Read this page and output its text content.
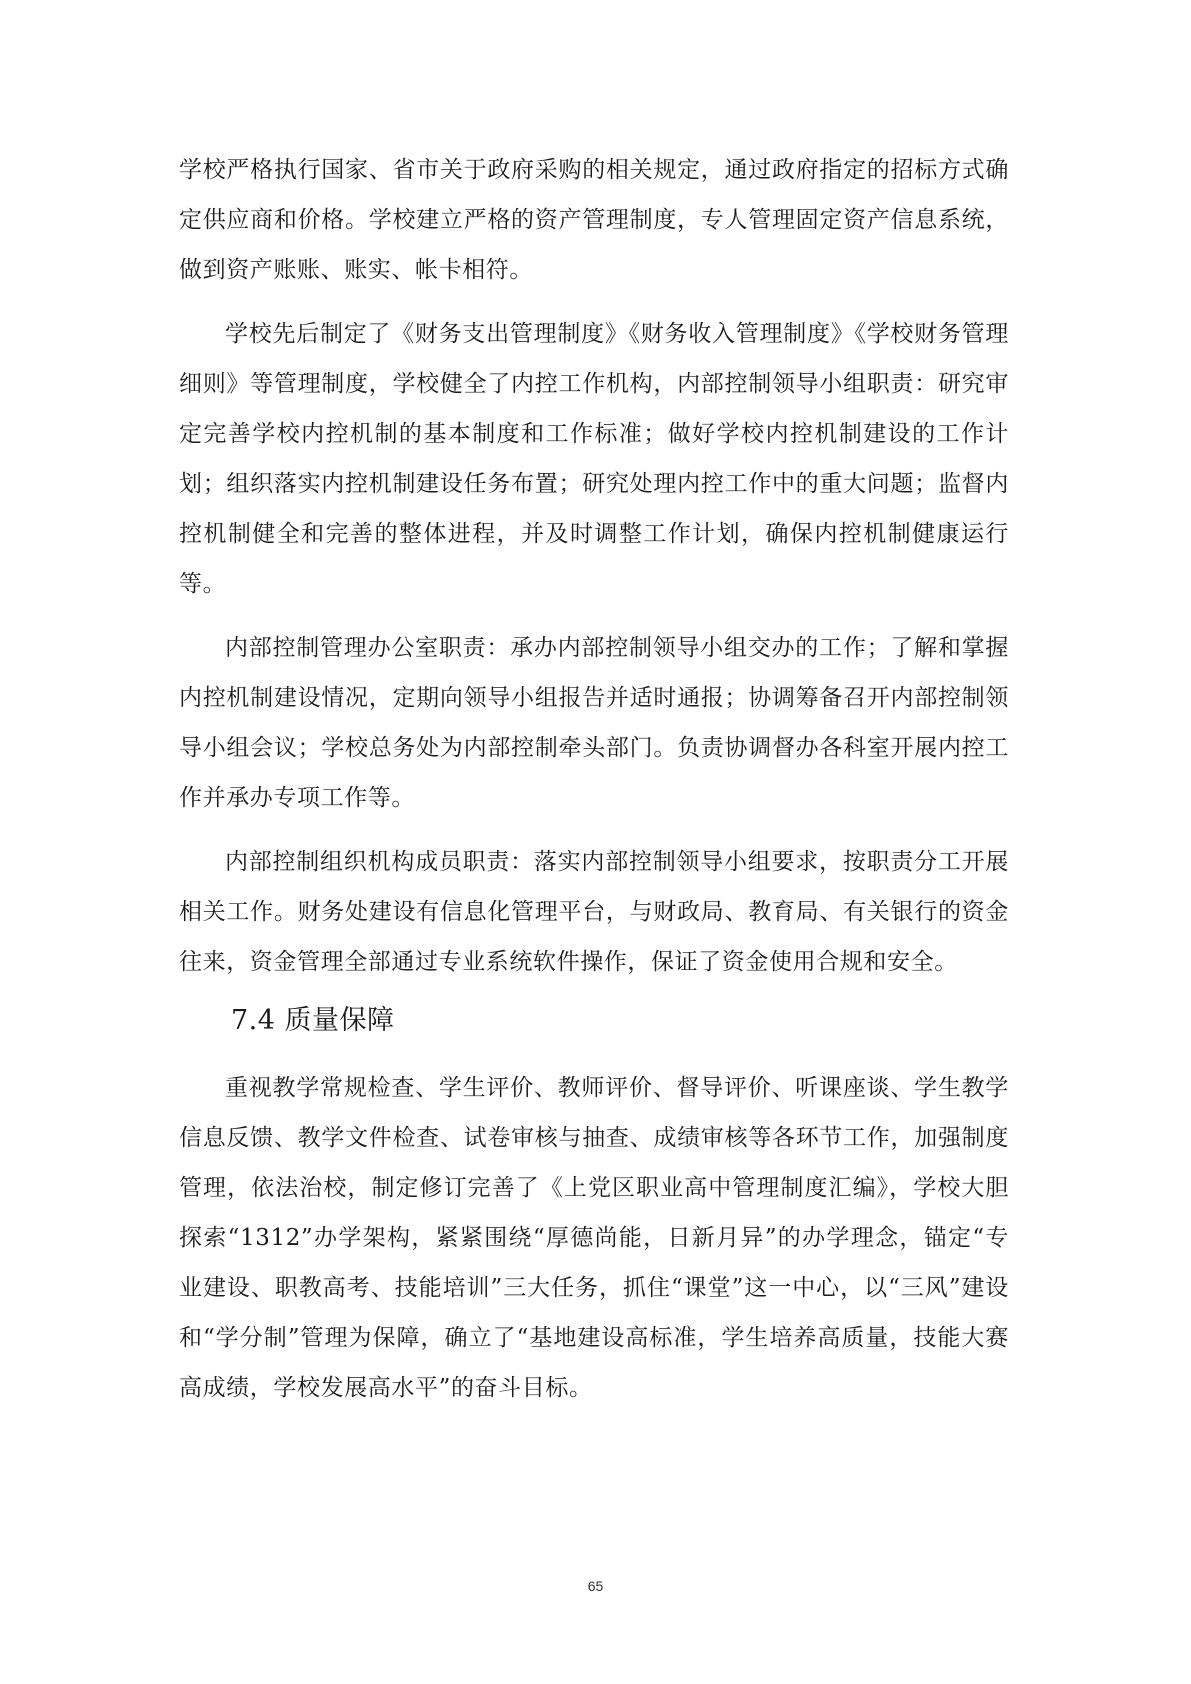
学校严格执行国家、省市关于政府采购的相关规定，通过政府指定的招标方式确定供应商和价格。学校建立严格的资产管理制度，专人管理固定资产信息系统，做到资产账账、账实、帐卡相符。

学校先后制定了《财务支出管理制度》《财务收入管理制度》《学校财务管理细则》等管理制度，学校健全了内控工作机构，内部控制领导小组职责：研究审定完善学校内控机制的基本制度和工作标准；做好学校内控机制建设的工作计划；组织落实内控机制建设任务布置；研究处理内控工作中的重大问题；监督内控机制健全和完善的整体进程，并及时调整工作计划，确保内控机制健康运行等。

内部控制管理办公室职责：承办内部控制领导小组交办的工作；了解和掌握内控机制建设情况，定期向领导小组报告并适时通报；协调筹备召开内部控制领导小组会议；学校总务处为内部控制牵头部门。负责协调督办各科室开展内控工作并承办专项工作等。

内部控制组织机构成员职责：落实内部控制领导小组要求，按职责分工开展相关工作。财务处建设有信息化管理平台，与财政局、教育局、有关银行的资金往来，资金管理全部通过专业系统软件操作，保证了资金使用合规和安全。

7.4 质量保障

重视教学常规检查、学生评价、教师评价、督导评价、听课座谈、学生教学信息反馈、教学文件检查、试卷审核与抽查、成绩审核等各环节工作，加强制度管理，依法治校，制定修订完善了《上党区职业高中管理制度汇编》，学校大胆探索“1312”办学架构，紧紧围绕“厚德尚能，日新月异”的办学理念，锚定“专业建设、职教高考、技能培训”三大任务，抓住“课堂”这一中心，以“三风”建设和“学分制”管理为保障，确立了“基地建设高标准，学生培养高质量，技能大赛高成绩，学校发展高水平”的奋斗目标。

65
